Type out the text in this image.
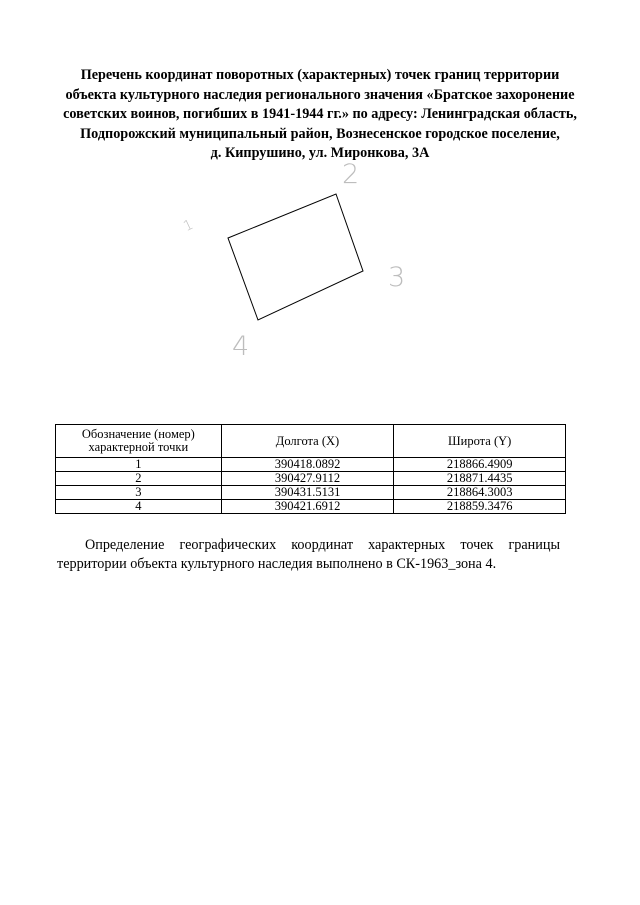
Перечень координат поворотных (характерных) точек границ территории
объекта культурного наследия регионального значения «Братское захоронение
советских воинов, погибших в 1941-1944 гг.» по адресу: Ленинградская область,
Подпорожский муниципальный район, Вознесенское городское поселение,
д. Кипрушино, ул. Миронкова, 3А
1
2
3
4
Обозначение (номер) характерной точки	Долгота (X)	Широта (Y)
1	390418.0892	218866.4909
2	390427.9112	218871.4435
3	390431.5131	218864.3003
4	390421.6912	218859.3476

Определение географических координат характерных точек границы территории объекта культурного наследия выполнено в СК-1963_зона 4.
